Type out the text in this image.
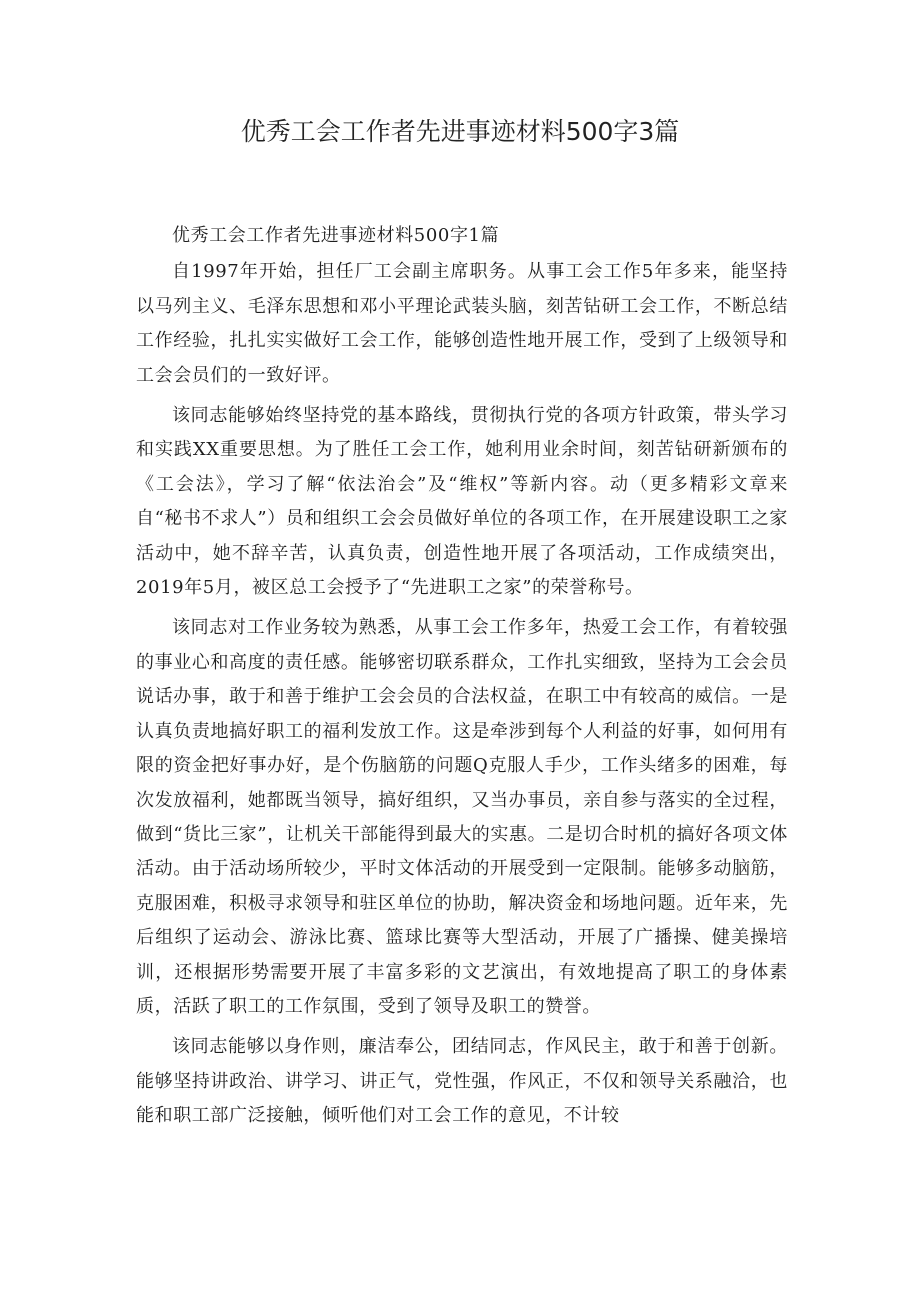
优秀工会工作者先进事迹材料500字3篇

优秀工会工作者先进事迹材料500字1篇

自1997年开始，担任厂工会副主席职务。从事工会工作5年多来，能坚持以马列主义、毛泽东思想和邓小平理论武装头脑，刻苦钻研工会工作，不断总结工作经验，扎扎实实做好工会工作，能够创造性地开展工作，受到了上级领导和工会会员们的一致好评。

该同志能够始终坚持党的基本路线，贯彻执行党的各项方针政策，带头学习和实践XX重要思想。为了胜任工会工作，她利用业余时间，刻苦钻研新颁布的《工会法》，学习了解“依法治会”及“维权”等新内容。动（更多精彩文章来自“秘书不求人”）员和组织工会会员做好单位的各项工作，在开展建设职工之家活动中，她不辞辛苦，认真负责，创造性地开展了各项活动，工作成绩突出，2019年5月，被区总工会授予了“先进职工之家”的荣誉称号。

该同志对工作业务较为熟悉，从事工会工作多年，热爱工会工作，有着较强的事业心和高度的责任感。能够密切联系群众，工作扎实细致，坚持为工会会员说话办事，敢于和善于维护工会会员的合法权益，在职工中有较高的威信。一是认真负责地搞好职工的福利发放工作。这是牵涉到每个人利益的好事，如何用有限的资金把好事办好，是个伤脑筋的问题Q克服人手少，工作头绪多的困难，每次发放福利，她都既当领导，搞好组织，又当办事员，亲自参与落实的全过程，做到“货比三家”，让机关干部能得到最大的实惠。二是切合时机的搞好各项文体活动。由于活动场所较少，平时文体活动的开展受到一定限制。能够多动脑筋，克服困难，积极寻求领导和驻区单位的协助，解决资金和场地问题。近年来，先后组织了运动会、游泳比赛、篮球比赛等大型活动，开展了广播操、健美操培训，还根据形势需要开展了丰富多彩的文艺演出，有效地提高了职工的身体素质，活跃了职工的工作氛围，受到了领导及职工的赞誉。

该同志能够以身作则，廉洁奉公，团结同志，作风民主，敢于和善于创新。能够坚持讲政治、讲学习、讲正气，党性强，作风正，不仅和领导关系融洽，也能和职工部广泛接触，倾听他们对工会工作的意见，不计较
